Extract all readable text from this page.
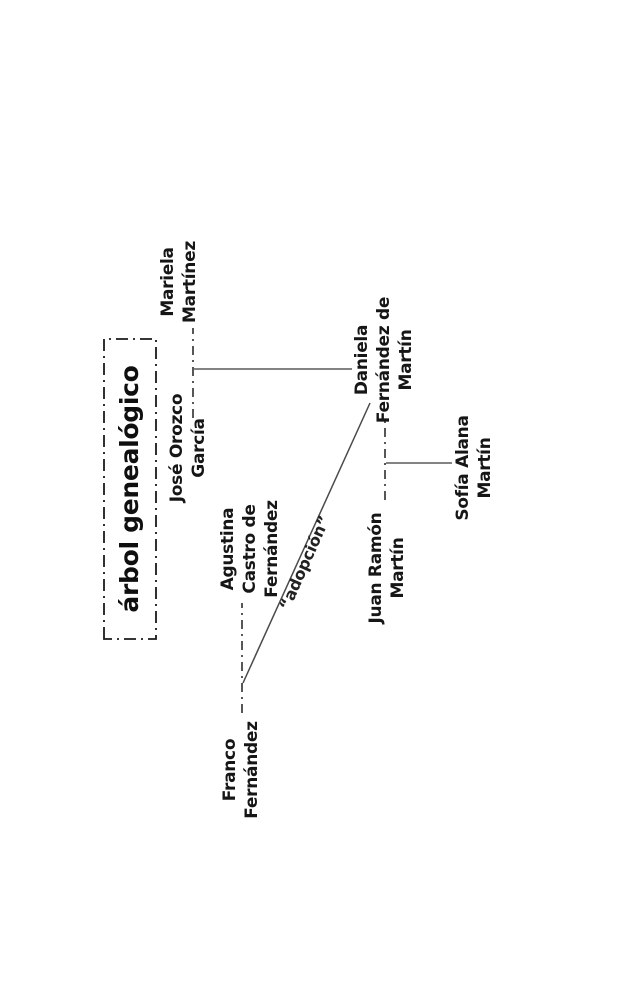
árbol genealógico	José Orozco García
Mariela Martínez
Franco Fernández
Agustina Castro de Fernández
Daniela Fernández de Martín
Juan Ramón Martín
Sofía Alana Martín
“adopción”
